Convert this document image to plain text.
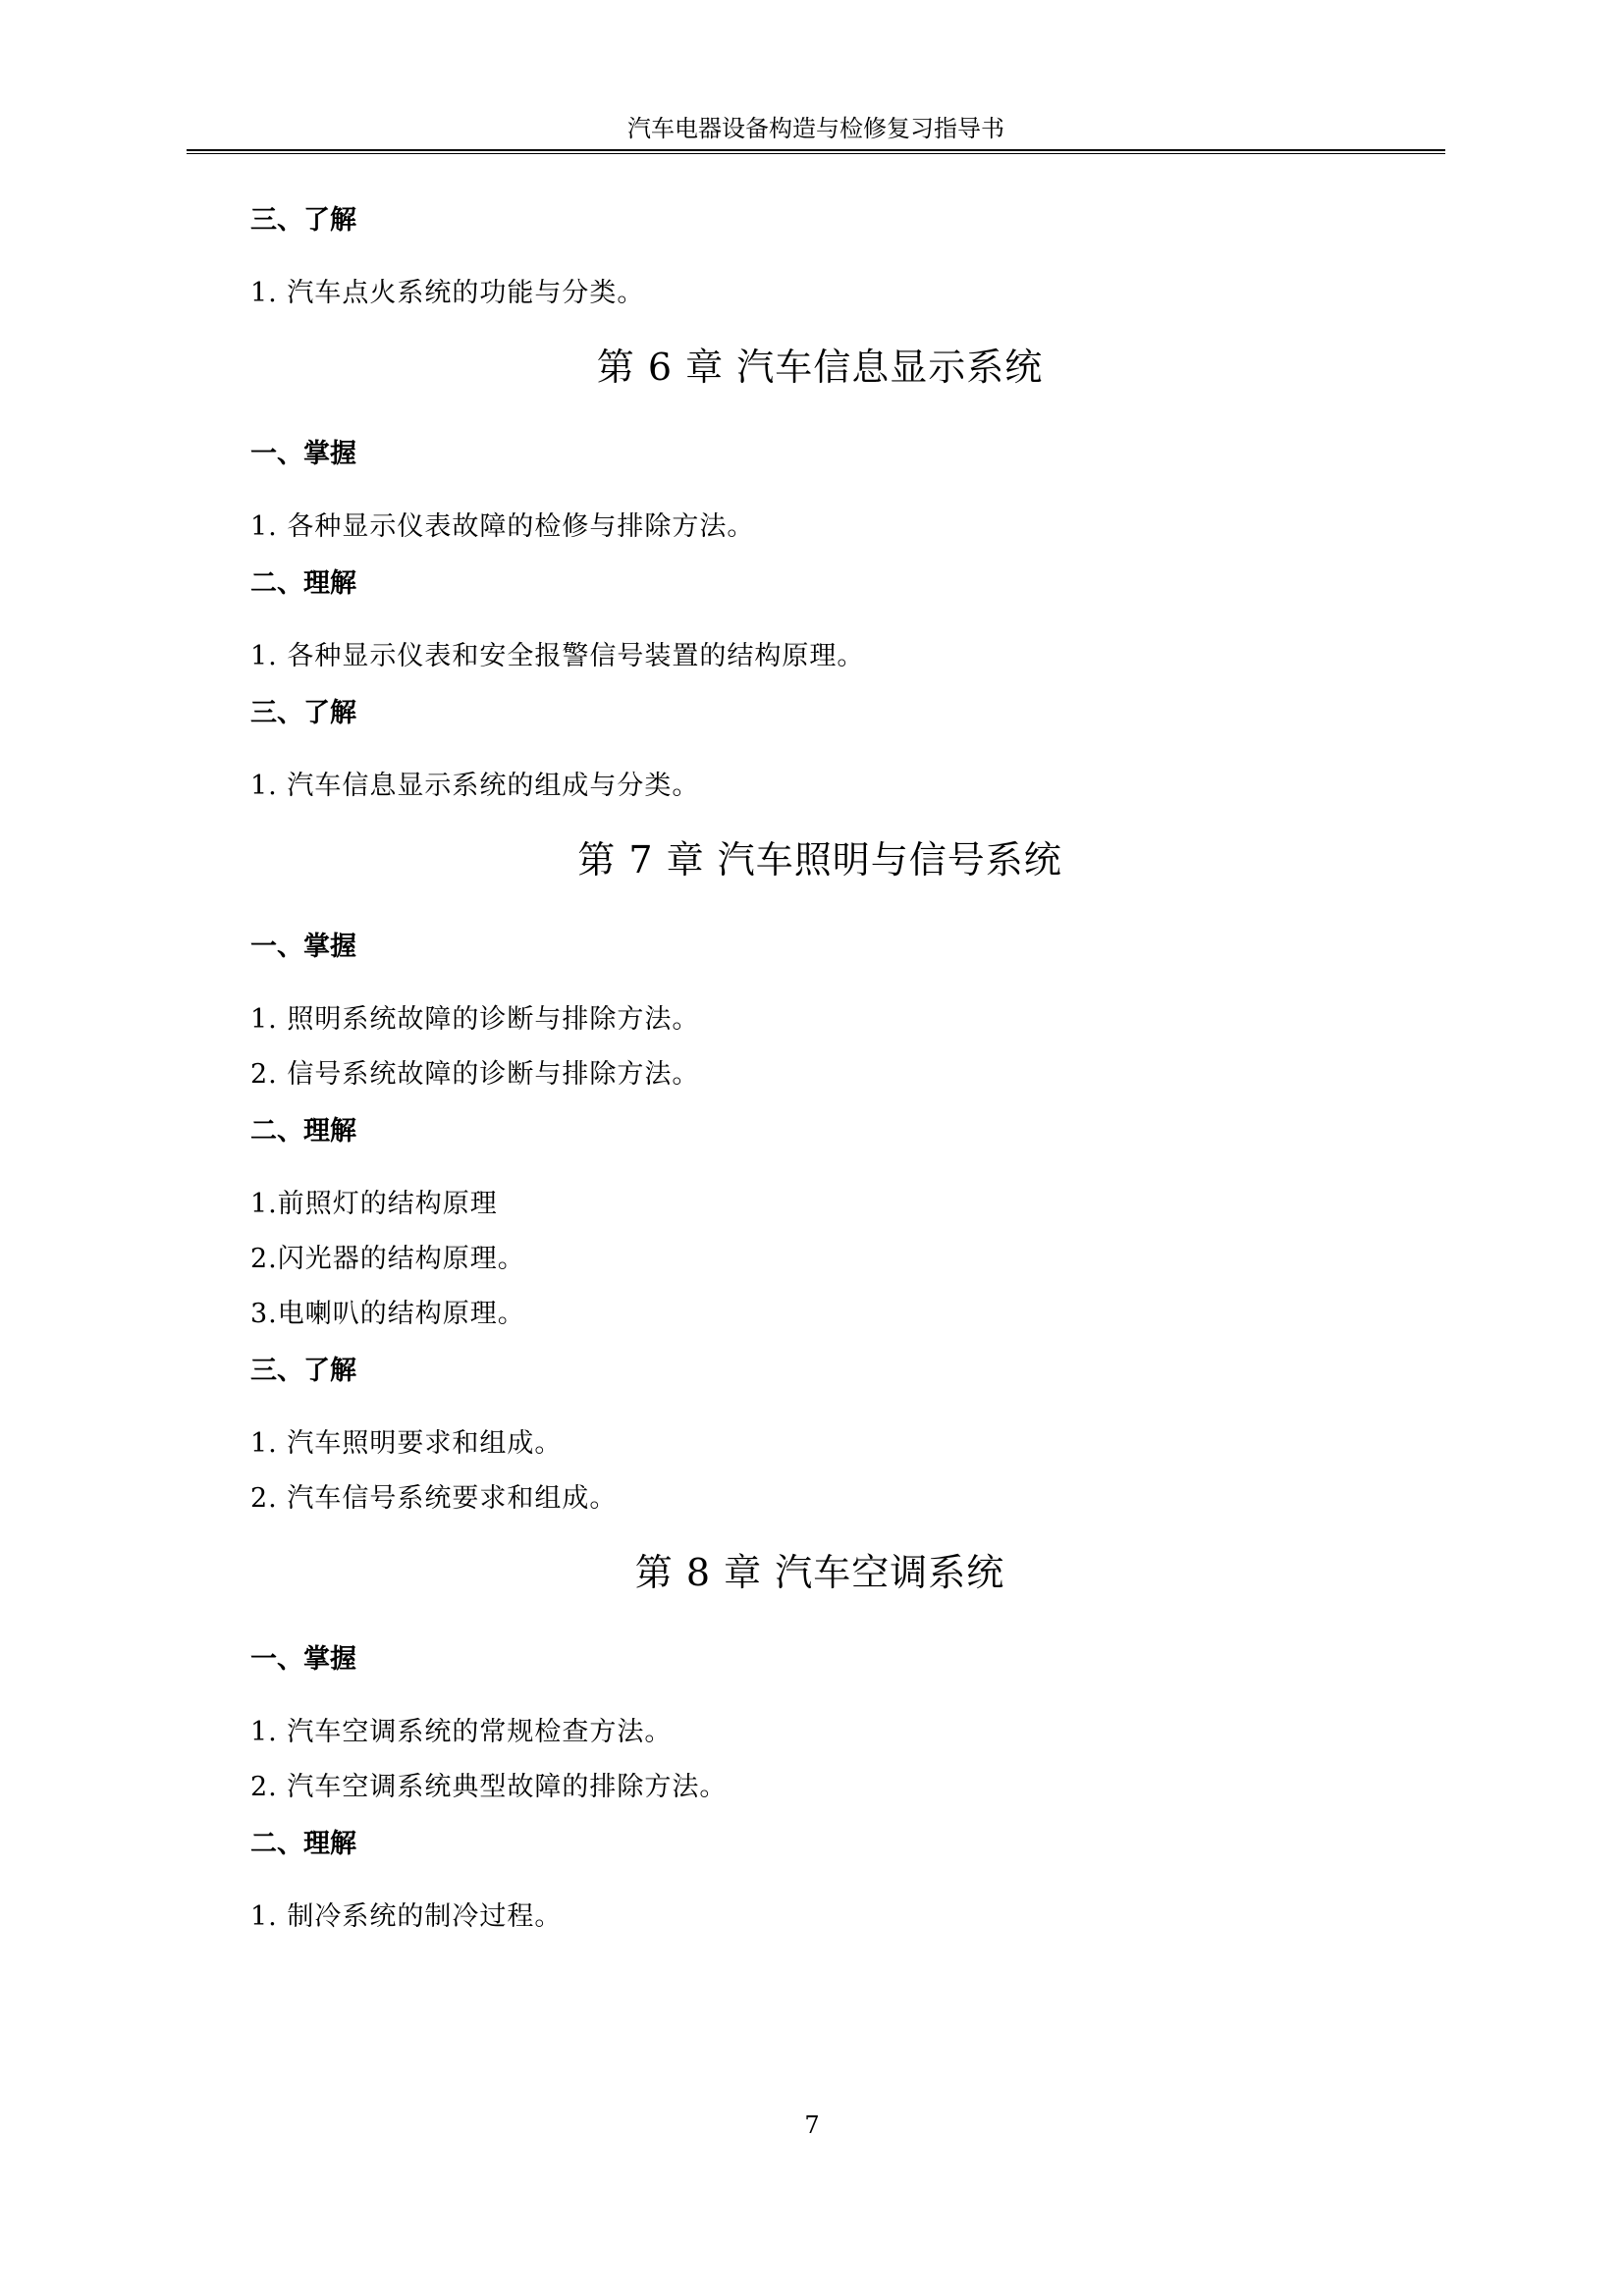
汽车电器设备构造与检修复习指导书
三、了解
1. 汽车点火系统的功能与分类。
第 6 章 汽车信息显示系统
一、掌握
1. 各种显示仪表故障的检修与排除方法。
二、理解
1. 各种显示仪表和安全报警信号装置的结构原理。
三、了解
1. 汽车信息显示系统的组成与分类。
第 7 章 汽车照明与信号系统
一、掌握
1. 照明系统故障的诊断与排除方法。
2. 信号系统故障的诊断与排除方法。
二、理解
1.前照灯的结构原理
2.闪光器的结构原理。
3.电喇叭的结构原理。
三、了解
1. 汽车照明要求和组成。
2. 汽车信号系统要求和组成。
第 8 章 汽车空调系统
一、掌握
1. 汽车空调系统的常规检查方法。
2. 汽车空调系统典型故障的排除方法。
二、理解
1. 制冷系统的制冷过程。
7
